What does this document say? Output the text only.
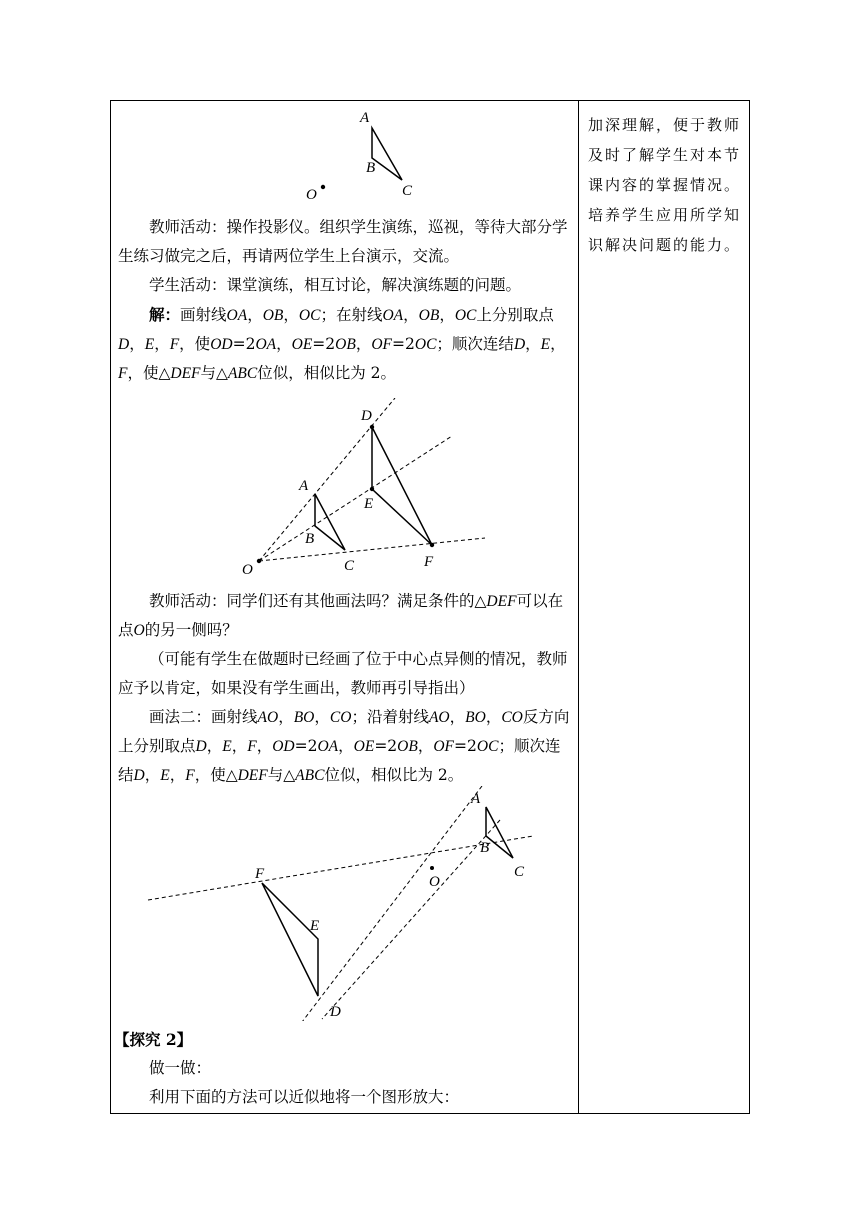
加深理解，便于教师及时了解学生对本节课内容的掌握情况。培养学生应用所学知识解决问题的能力。
A
B
C
O
教师活动：操作投影仪。组织学生演练，巡视，等待大部分学生练习做完之后，再请两位学生上台演示，交流。
学生活动：课堂演练，相互讨论，解决演练题的问题。
解：画射线OA，OB，OC；在射线OA，OB，OC上分别取点D，E，F，使OD=2OA，OE=2OB，OF=2OC；顺次连结D，E，F，使△DEF与△ABC位似，相似比为 2。
A
B
C
D
E
F
O
教师活动：同学们还有其他画法吗？满足条件的△DEF可以在点O的另一侧吗？
（可能有学生在做题时已经画了位于中心点异侧的情况，教师应予以肯定，如果没有学生画出，教师再引导指出）
画法二：画射线AO，BO，CO；沿着射线AO，BO，CO反方向上分别取点D，E，F，OD=2OA，OE=2OB，OF=2OC；顺次连结D，E，F，使△DEF与△ABC位似，相似比为 2。
A
B
C
D
E
F	O
【探究 2】
做一做：
利用下面的方法可以近似地将一个图形放大：
